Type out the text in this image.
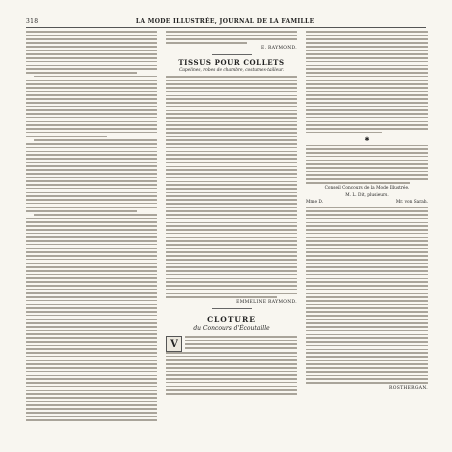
318	LA MODE ILLUSTRÉE, JOURNAL DE LA FAMILLE
E. RAYMOND.
TISSUS POUR COLLETS
Capelines, robes de chambre, costumes-tailleur.
EMMELINE RAYMOND.
CLOTURE
du Concours d'Écoutaille
V
✱
Conseil Concours de la Mode Illustrée.
M. L. Dit, plusieurs.
Mme D.	Mr. von Sarah.
ROSTHERGAN.
